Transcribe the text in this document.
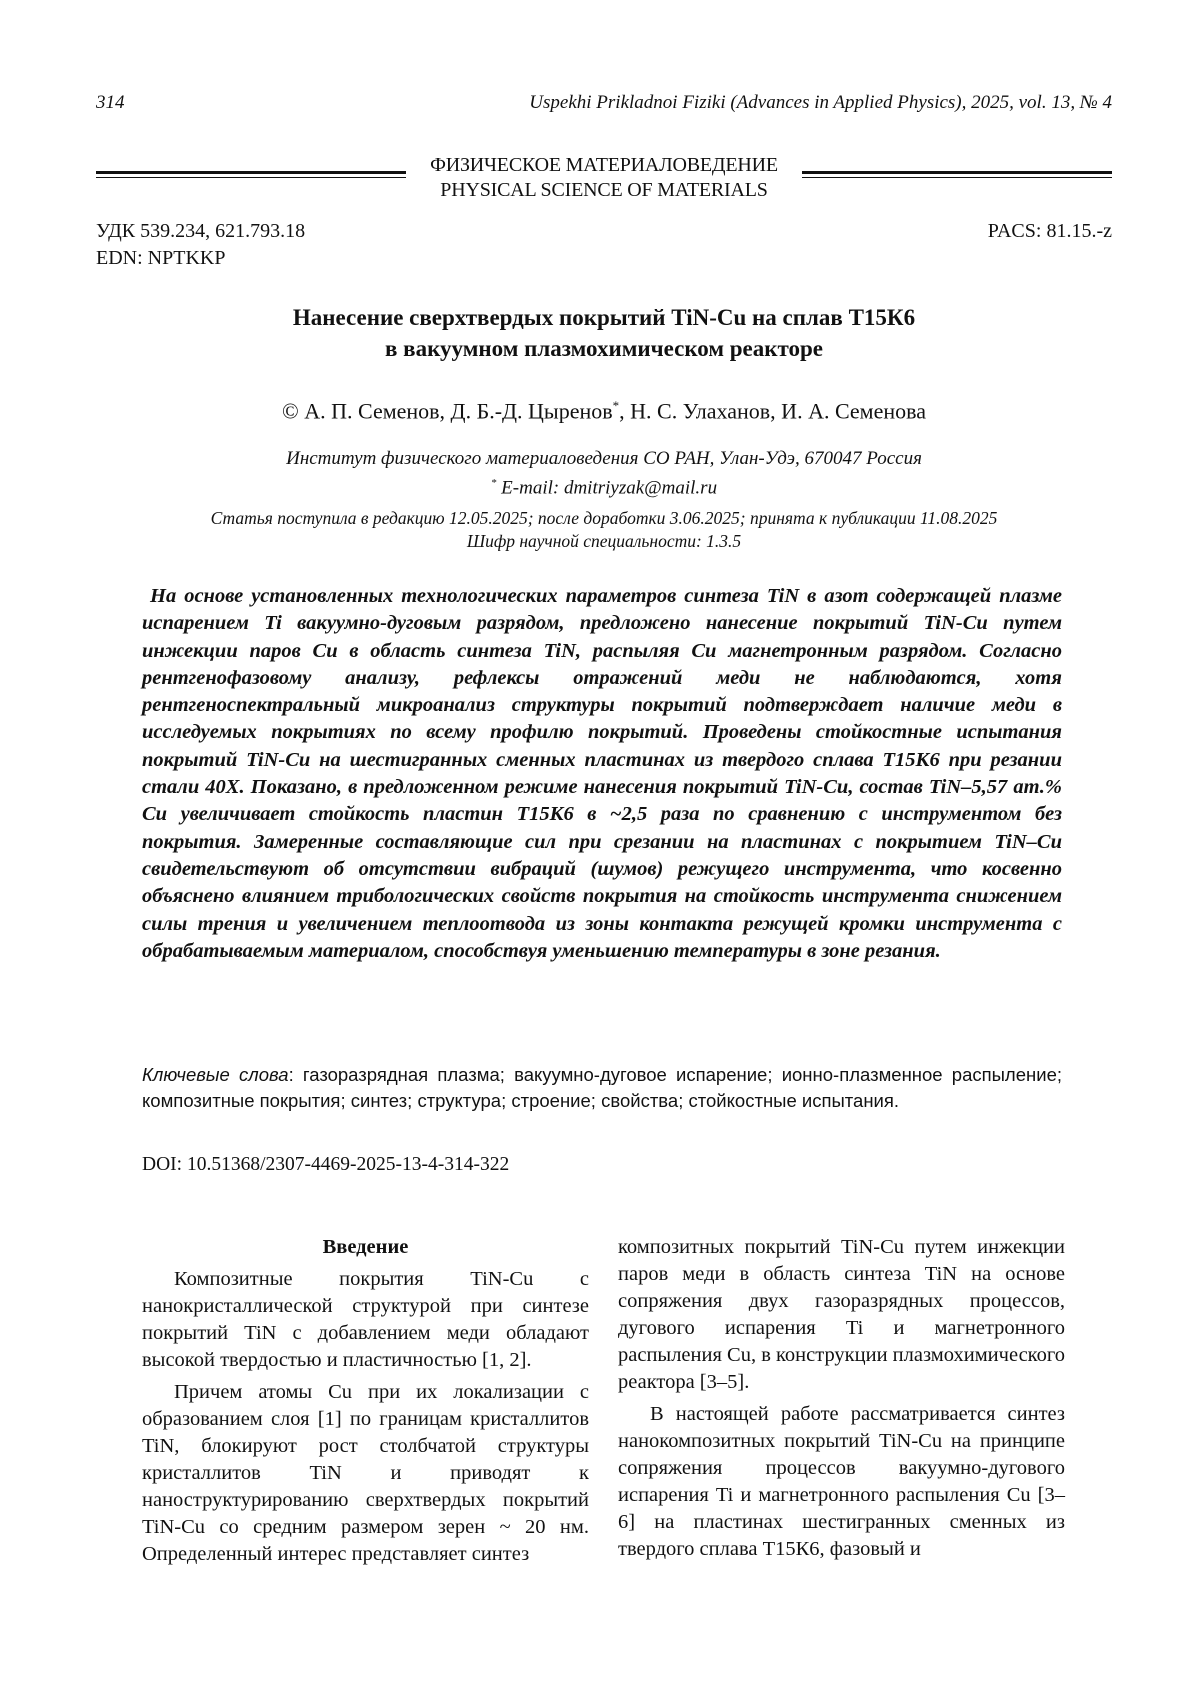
314	Uspekhi Prikladnoi Fiziki (Advances in Applied Physics), 2025, vol. 13, № 4
ФИЗИЧЕСКОЕ МАТЕРИАЛОВЕДЕНИЕ
PHYSICAL SCIENCE OF MATERIALS
УДК 539.234, 621.793.18
EDN: NPTKKP
PACS: 81.15.-z
Нанесение сверхтвердых покрытий TiN-Cu на сплав Т15К6
в вакуумном плазмохимическом реакторе
© А. П. Семенов, Д. Б.-Д. Цыренов*, Н. С. Улаханов, И. А. Семенова
Институт физического материаловедения СО РАН, Улан-Удэ, 670047 Россия
* E-mail: dmitriyzak@mail.ru
Статья поступила в редакцию 12.05.2025; после доработки 3.06.2025; принята к публикации 11.08.2025
Шифр научной специальности: 1.3.5
На основе установленных технологических параметров синтеза TiN в азот содержащей плазме испарением Ti вакуумно-дуговым разрядом, предложено нанесение покрытий TiN-Cu путем инжекции паров Cu в область синтеза TiN, распыляя Cu магнетронным разрядом. Согласно рентгенофазовому анализу, рефлексы отражений меди не наблюдаются, хотя рентгеноспектральный микроанализ структуры покрытий подтверждает наличие меди в исследуемых покрытиях по всему профилю покрытий. Проведены стойкостные испытания покрытий TiN-Cu на шестигранных сменных пластинах из твердого сплава Т15К6 при резании стали 40Х. Показано, в предложенном режиме нанесения покрытий TiN-Cu, состав TiN–5,57 ат.% Cu увеличивает стойкость пластин Т15К6 в ~2,5 раза по сравнению с инструментом без покрытия. Замеренные составляющие сил при срезании на пластинах с покрытием TiN–Cu свидетельствуют об отсутствии вибраций (шумов) режущего инструмента, что косвенно объяснено влиянием трибологических свойств покрытия на стойкость инструмента снижением силы трения и увеличением теплоотвода из зоны контакта режущей кромки инструмента с обрабатываемым материалом, способствуя уменьшению температуры в зоне резания.
Ключевые слова: газоразрядная плазма; вакуумно-дуговое испарение; ионно-плазменное распыление; композитные покрытия; синтез; структура; строение; свойства; стойкостные испытания.
DOI: 10.51368/2307-4469-2025-13-4-314-322
Введение

Композитные покрытия TiN-Cu с нанокристаллической структурой при синтезе покрытий TiN с добавлением меди обладают высокой твердостью и пластичностью [1, 2].

Причем атомы Cu при их локализации с образованием слоя [1] по границам кристаллитов TiN, блокируют рост столбчатой структуры кристаллитов TiN и приводят к наноструктурированию сверхтвердых покрытий TiN-Cu со средним размером зерен ~ 20 нм. Определенный интерес представляет синтез

композитных покрытий TiN-Cu путем инжекции паров меди в область синтеза TiN на основе сопряжения двух газоразрядных процессов, дугового испарения Ti и магнетронного распыления Cu, в конструкции плазмохимического реактора [3–5].

В настоящей работе рассматривается синтез нанокомпозитных покрытий TiN-Cu на принципе сопряжения процессов вакуумно-дугового испарения Ti и магнетронного распыления Cu [3–6] на пластинах шестигранных сменных из твердого сплава Т15К6, фазовый и
